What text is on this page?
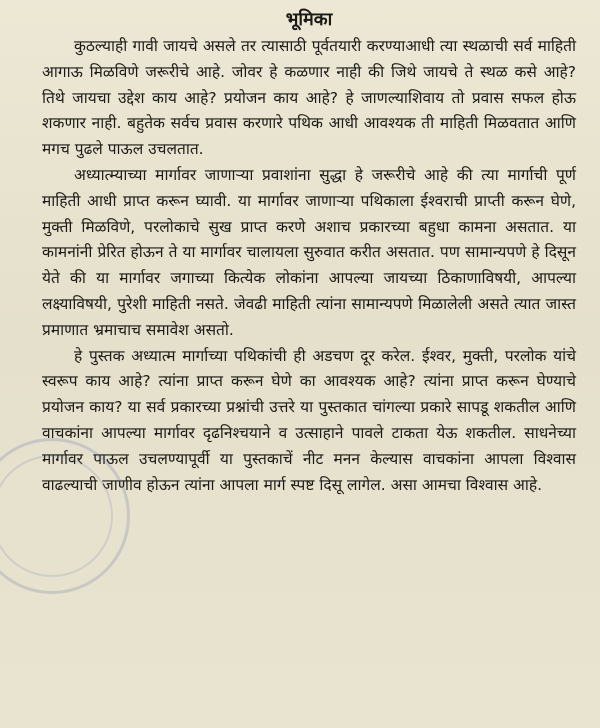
भूमिका

कुठल्याही गावी जायचे असले तर त्यासाठी पूर्वतयारी करण्याआधी त्या स्थळाची सर्व माहिती आगाऊ मिळविणे जरूरीचे आहे. जोवर हे कळणार नाही की जिथे जायचे ते स्थळ कसे आहे? तिथे जायचा उद्देश काय आहे? प्रयोजन काय आहे? हे जाणल्याशिवाय तो प्रवास सफल होऊ शकणार नाही. बहुतेक सर्वच प्रवास करणारे पथिक आधी आवश्यक ती माहिती मिळवतात आणि मगच पुढले पाऊल उचलतात.

अध्यात्म्याच्या मार्गावर जाणाऱ्या प्रवाशांना सुद्धा हे जरूरीचे आहे की त्या मार्गाची पूर्ण माहिती आधी प्राप्त करून घ्यावी. या मार्गावर जाणाऱ्या पथिकाला ईश्वराची प्राप्ती करून घेणे, मुक्ती मिळविणे, परलोकाचे सुख प्राप्त करणे अशाच प्रकारच्या बहुधा कामना असतात. या कामनांनी प्रेरित होऊन ते या मार्गावर चालायला सुरुवात करीत असतात. पण सामान्यपणे हे दिसून येते की या मार्गावर जगाच्या कित्येक लोकांना आपल्या जायच्या ठिकाणाविषयी, आपल्या लक्ष्याविषयी, पुरेशी माहिती नसते. जेवढी माहिती त्यांना सामान्यपणे मिळालेली असते त्यात जास्त प्रमाणात भ्रमाचाच समावेश असतो.

हे पुस्तक अध्यात्म मार्गाच्या पथिकांची ही अडचण दूर करेल. ईश्वर, मुक्ती, परलोक यांचे स्वरूप काय आहे? त्यांना प्राप्त करून घेणे का आवश्यक आहे? त्यांना प्राप्त करून घेण्याचे प्रयोजन काय? या सर्व प्रकारच्या प्रश्नांची उत्तरे या पुस्तकात चांगल्या प्रकारे सापडू शकतील आणि वाचकांना आपल्या मार्गावर दृढनिश्चयाने व उत्साहाने पावले टाकता येऊ शकतील. साधनेच्या मार्गावर पाऊल उचलण्यापूर्वी या पुस्तकाचें नीट मनन केल्यास वाचकांना आपला विश्वास वाढल्याची जाणीव होऊन त्यांना आपला मार्ग स्पष्ट दिसू लागेल. असा आमचा विश्वास आहे.
